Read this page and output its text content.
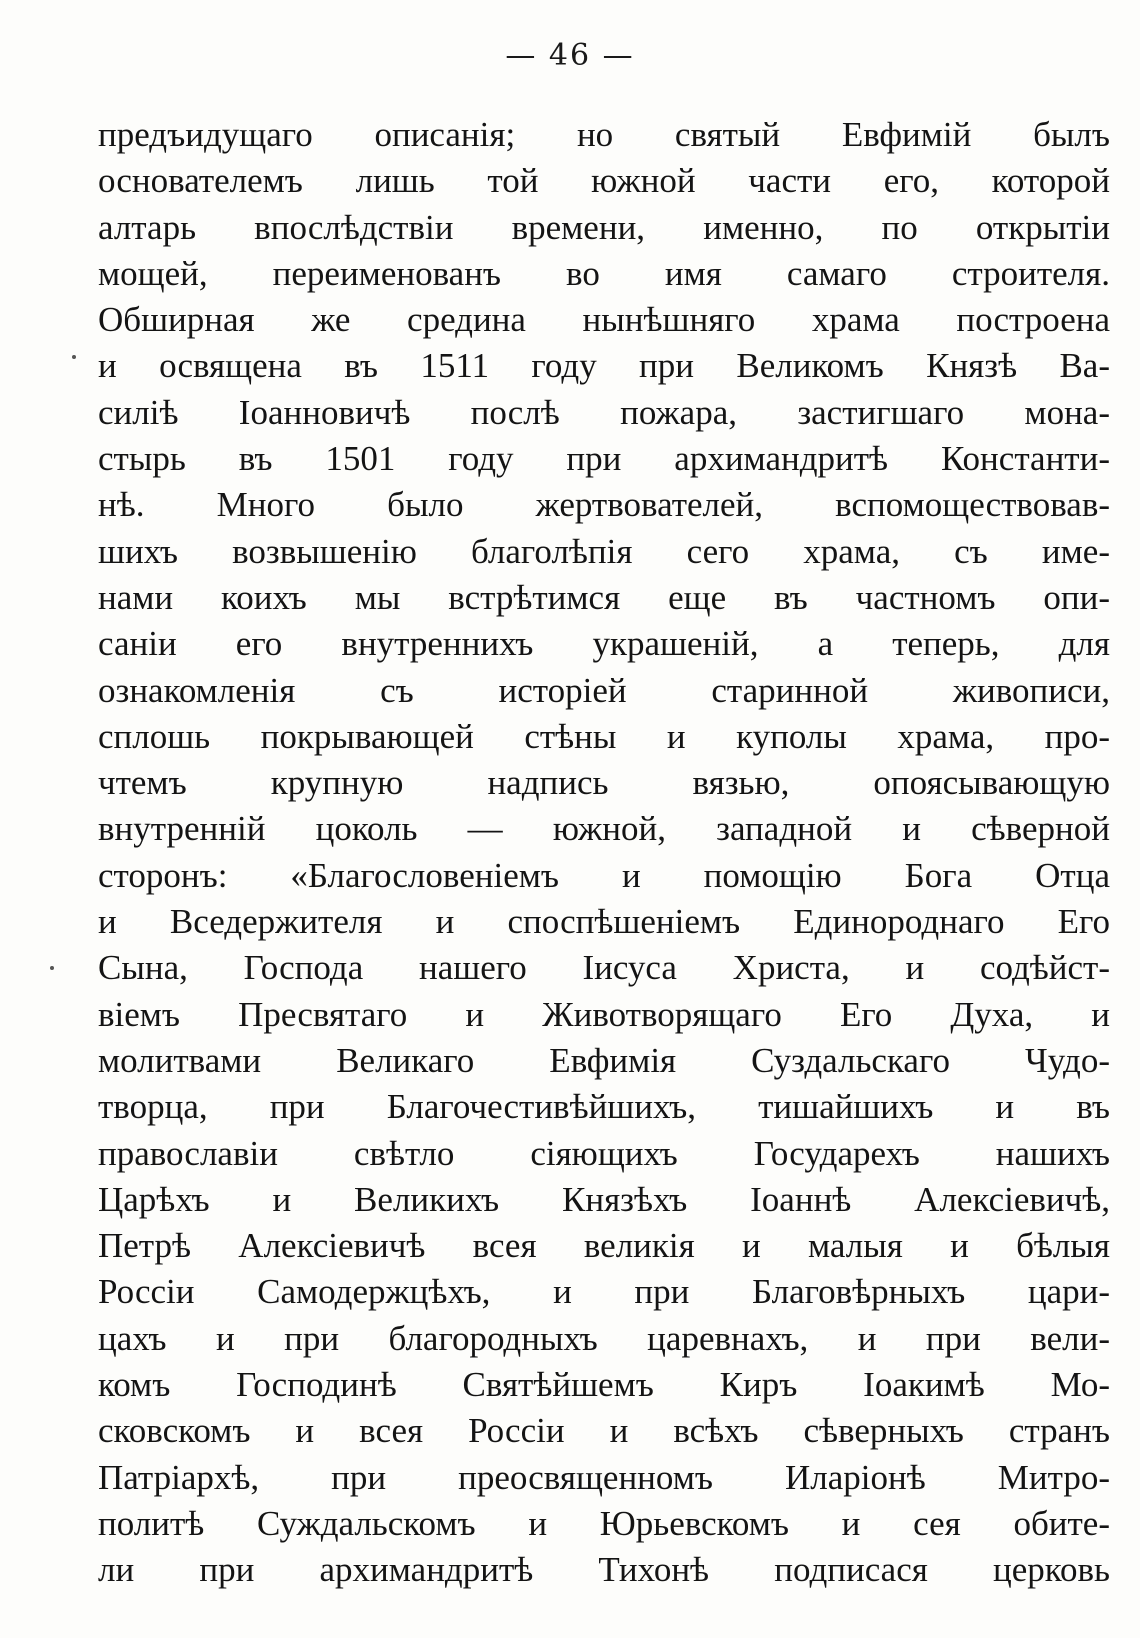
— 46 —
предъидущаго описанія; но святый Евфимій былъ
основателемъ лишь той южной части его, которой
алтарь впослѣдствіи времени, именно, по открытіи
мощей, переименованъ во имя самаго строителя.
Обширная же средина нынѣшняго храма построена
и освящена въ 1511 году при Великомъ Князѣ Ва-
силіѣ Іоанновичѣ послѣ пожара, застигшаго мона-
стырь въ 1501 году при архимандритѣ Константи-
нѣ. Много было жертвователей, вспомоществовав-
шихъ возвышенію благолѣпія сего храма, съ име-
нами коихъ мы встрѣтимся еще въ частномъ опи-
саніи его внутреннихъ украшеній, а теперь, для
ознакомленія съ исторіей старинной живописи,
сплошь покрывающей стѣны и куполы храма, про-
чтемъ крупную надпись вязью, опоясывающую
внутренній цоколь — южной, западной и сѣверной
сторонъ: «Благословеніемъ и помощію Бога Отца
и Вседержителя и споспѣшеніемъ Единороднаго Его
Сына, Господа нашего Іисуса Христа, и содѣйст-
віемъ Пресвятаго и Животворящаго Его Духа, и
молитвами Великаго Евфимія Суздальскаго Чудо-
творца, при Благочестивѣйшихъ, тишайшихъ и въ
православіи свѣтло сіяющихъ Государехъ нашихъ
Царѣхъ и Великихъ Князѣхъ Іоаннѣ Алексіевичѣ,
Петрѣ Алексіевичѣ всея великія и малыя и бѣлыя
Россіи Самодержцѣхъ, и при Благовѣрныхъ цари-
цахъ и при благородныхъ царевнахъ, и при вели-
комъ Господинѣ Святѣйшемъ Киръ Іоакимѣ Мо-
сковскомъ и всея Россіи и всѣхъ сѣверныхъ странъ
Патріархѣ, при преосвященномъ Иларіонѣ Митро-
политѣ Суждальскомъ и Юрьевскомъ и сея обите-
ли при архимандритѣ Тихонѣ подписася церковь
